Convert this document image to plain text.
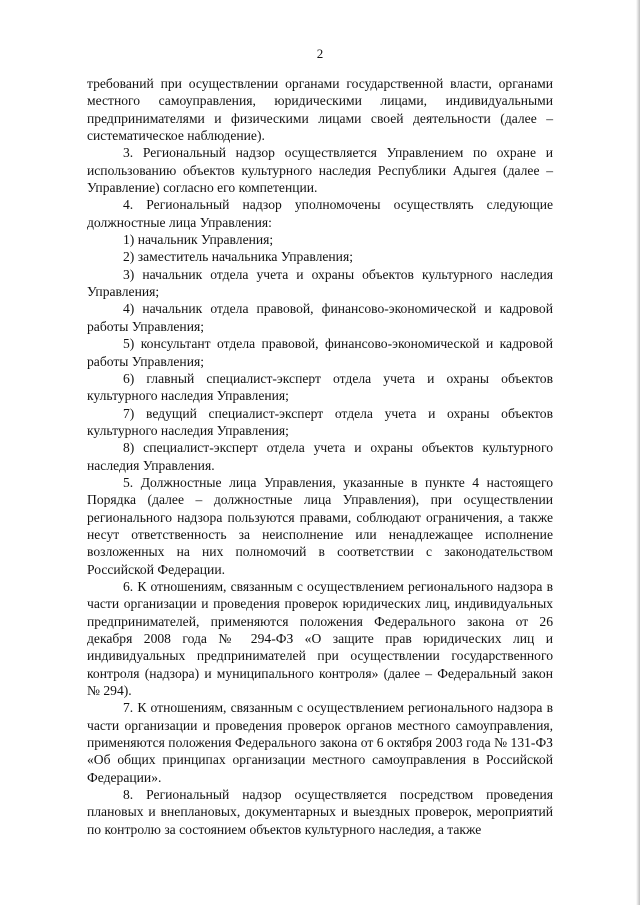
2

требований при осуществлении органами государственной власти, органами местного самоуправления, юридическими лицами, индивидуальными предпринимателями и физическими лицами своей деятельности (далее – систематическое наблюдение).

3. Региональный надзор осуществляется Управлением по охране и использованию объектов культурного наследия Республики Адыгея (далее – Управление) согласно его компетенции.

4. Региональный надзор уполномочены осуществлять следующие должностные лица Управления:

1) начальник Управления;

2) заместитель начальника Управления;

3) начальник отдела учета и охраны объектов культурного наследия Управления;

4) начальник отдела правовой, финансово-экономической и кадровой работы Управления;

5) консультант отдела правовой, финансово-экономической и кадровой работы Управления;

6) главный специалист-эксперт отдела учета и охраны объектов культурного наследия Управления;

7) ведущий специалист-эксперт отдела учета и охраны объектов культурного наследия Управления;

8) специалист-эксперт отдела учета и охраны объектов культурного наследия Управления.

5. Должностные лица Управления, указанные в пункте 4 настоящего Порядка (далее – должностные лица Управления), при осуществлении регионального надзора пользуются правами, соблюдают ограничения, а также несут ответственность за неисполнение или ненадлежащее исполнение возложенных на них полномочий в соответствии с законодательством Российской Федерации.

6. К отношениям, связанным с осуществлением регионального надзора в части организации и проведения проверок юридических лиц, индивидуальных предпринимателей, применяются положения Федерального закона от 26 декабря 2008 года № 294-ФЗ «О защите прав юридических лиц и индивидуальных предпринимателей при осуществлении государственного контроля (надзора) и муниципального контроля» (далее – Федеральный закон № 294).

7. К отношениям, связанным с осуществлением регионального надзора в части организации и проведения проверок органов местного самоуправления, применяются положения Федерального закона от 6 октября 2003 года № 131-ФЗ «Об общих принципах организации местного самоуправления в Российской Федерации».

8. Региональный надзор осуществляется посредством проведения плановых и внеплановых, документарных и выездных проверок, мероприятий по контролю за состоянием объектов культурного наследия, а также
